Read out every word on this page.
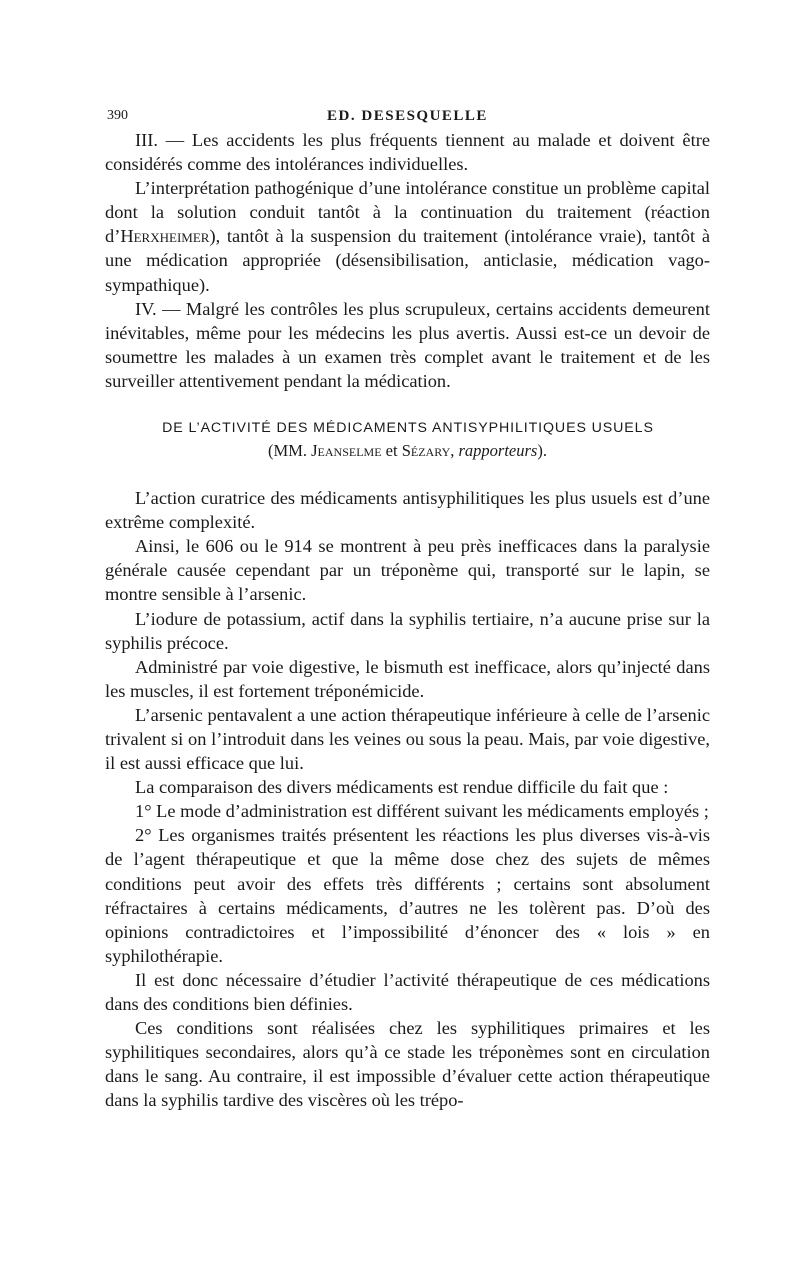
390	ED. DESESQUELLE

III. — Les accidents les plus fréquents tiennent au malade et doivent être considérés comme des intolérances individuelles.

L’interprétation pathogénique d’une intolérance constitue un problème capital dont la solution conduit tantôt à la continuation du traitement (réaction d’Herxheimer), tantôt à la suspension du traitement (intolérance vraie), tantôt à une médication appropriée (désensibilisation, anticlasie, médication vago-sympathique).

IV. — Malgré les contrôles les plus scrupuleux, certains accidents demeurent inévitables, même pour les médecins les plus avertis. Aussi est-ce un devoir de soumettre les malades à un examen très complet avant le traitement et de les surveiller attentivement pendant la médication.

DE L’ACTIVITÉ DES MÉDICAMENTS ANTISYPHILITIQUES USUELS
(MM. Jeanselme et Sézary, rapporteurs).

L’action curatrice des médicaments antisyphilitiques les plus usuels est d’une extrême complexité.

Ainsi, le 606 ou le 914 se montrent à peu près inefficaces dans la paralysie générale causée cependant par un tréponème qui, transporté sur le lapin, se montre sensible à l’arsenic.

L’iodure de potassium, actif dans la syphilis tertiaire, n’a aucune prise sur la syphilis précoce.

Administré par voie digestive, le bismuth est inefficace, alors qu’injecté dans les muscles, il est fortement tréponémicide.

L’arsenic pentavalent a une action thérapeutique inférieure à celle de l’arsenic trivalent si on l’introduit dans les veines ou sous la peau. Mais, par voie digestive, il est aussi efficace que lui.

La comparaison des divers médicaments est rendue difficile du fait que :

1° Le mode d’administration est différent suivant les médicaments employés ;

2° Les organismes traités présentent les réactions les plus diverses vis-à-vis de l’agent thérapeutique et que la même dose chez des sujets de mêmes conditions peut avoir des effets très différents ; certains sont absolument réfractaires à certains médicaments, d’autres ne les tolèrent pas. D’où des opinions contradictoires et l’impossibilité d’énoncer des « lois » en syphilothérapie.

Il est donc nécessaire d’étudier l’activité thérapeutique de ces médications dans des conditions bien définies.

Ces conditions sont réalisées chez les syphilitiques primaires et les syphilitiques secondaires, alors qu’à ce stade les tréponèmes sont en circulation dans le sang. Au contraire, il est impossible d’évaluer cette action thérapeutique dans la syphilis tardive des viscères où les trépo-
